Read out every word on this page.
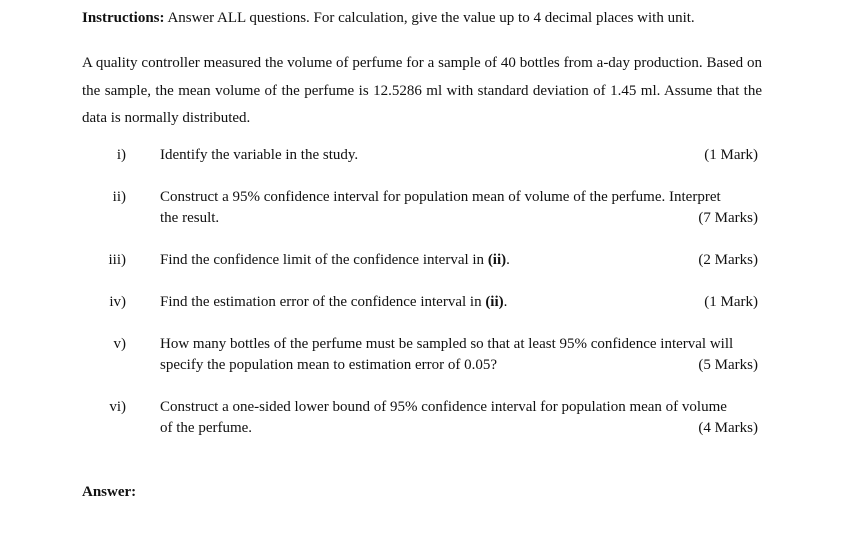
Instructions: Answer ALL questions. For calculation, give the value up to 4 decimal places with unit.
A quality controller measured the volume of perfume for a sample of 40 bottles from a-day production. Based on the sample, the mean volume of the perfume is 12.5286 ml with standard deviation of 1.45 ml. Assume that the data is normally distributed.
i) Identify the variable in the study.	(1 Mark)
ii) Construct a 95% confidence interval for population mean of volume of the perfume. Interpret
the result.	(7 Marks)
iii) Find the confidence limit of the confidence interval in (ii).	(2 Marks)
iv) Find the estimation error of the confidence interval in (ii).	(1 Mark)
v) How many bottles of the perfume must be sampled so that at least 95% confidence interval will
specify the population mean to estimation error of 0.05?	(5 Marks)
vi) Construct a one-sided lower bound of 95% confidence interval for population mean of volume
of the perfume.	(4 Marks)
Answer:
